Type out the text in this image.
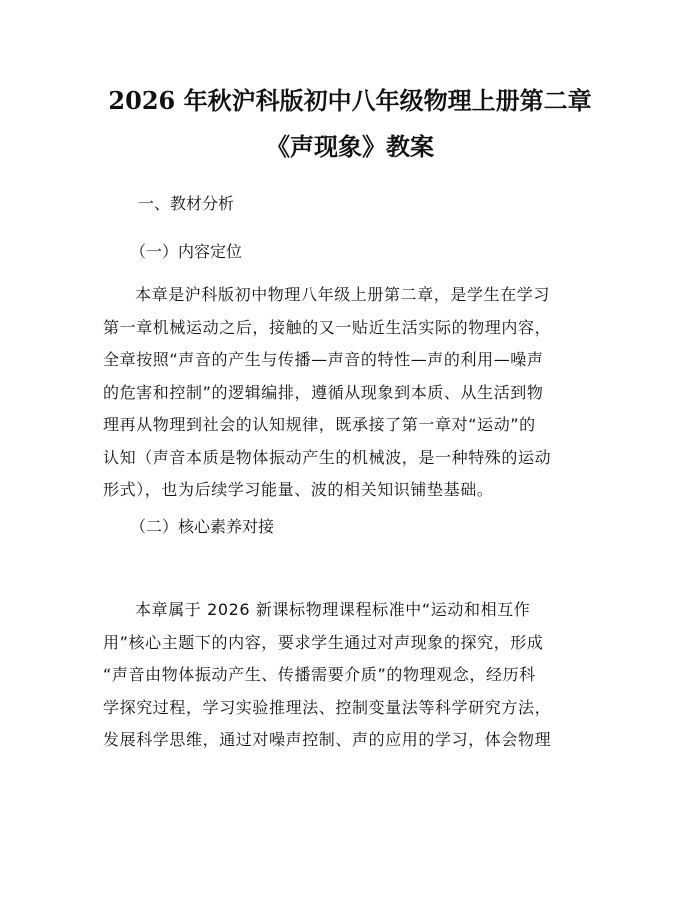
2026 年秋沪科版初中八年级物理上册第二章
《声现象》教案
一、教材分析
（一）内容定位
本章是沪科版初中物理八年级上册第二章，是学生在学习
第一章机械运动之后，接触的又一贴近生活实际的物理内容，
全章按照“声音的产生与传播—声音的特性—声的利用—噪声
的危害和控制”的逻辑编排，遵循从现象到本质、从生活到物
理再从物理到社会的认知规律，既承接了第一章对“运动”的
认知（声音本质是物体振动产生的机械波，是一种特殊的运动
形式），也为后续学习能量、波的相关知识铺垫基础。
（二）核心素养对接
本章属于 2026 新课标物理课程标准中“运动和相互作
用”核心主题下的内容，要求学生通过对声现象的探究，形成
“声音由物体振动产生、传播需要介质”的物理观念，经历科
学探究过程，学习实验推理法、控制变量法等科学研究方法，
发展科学思维，通过对噪声控制、声的应用的学习，体会物理
